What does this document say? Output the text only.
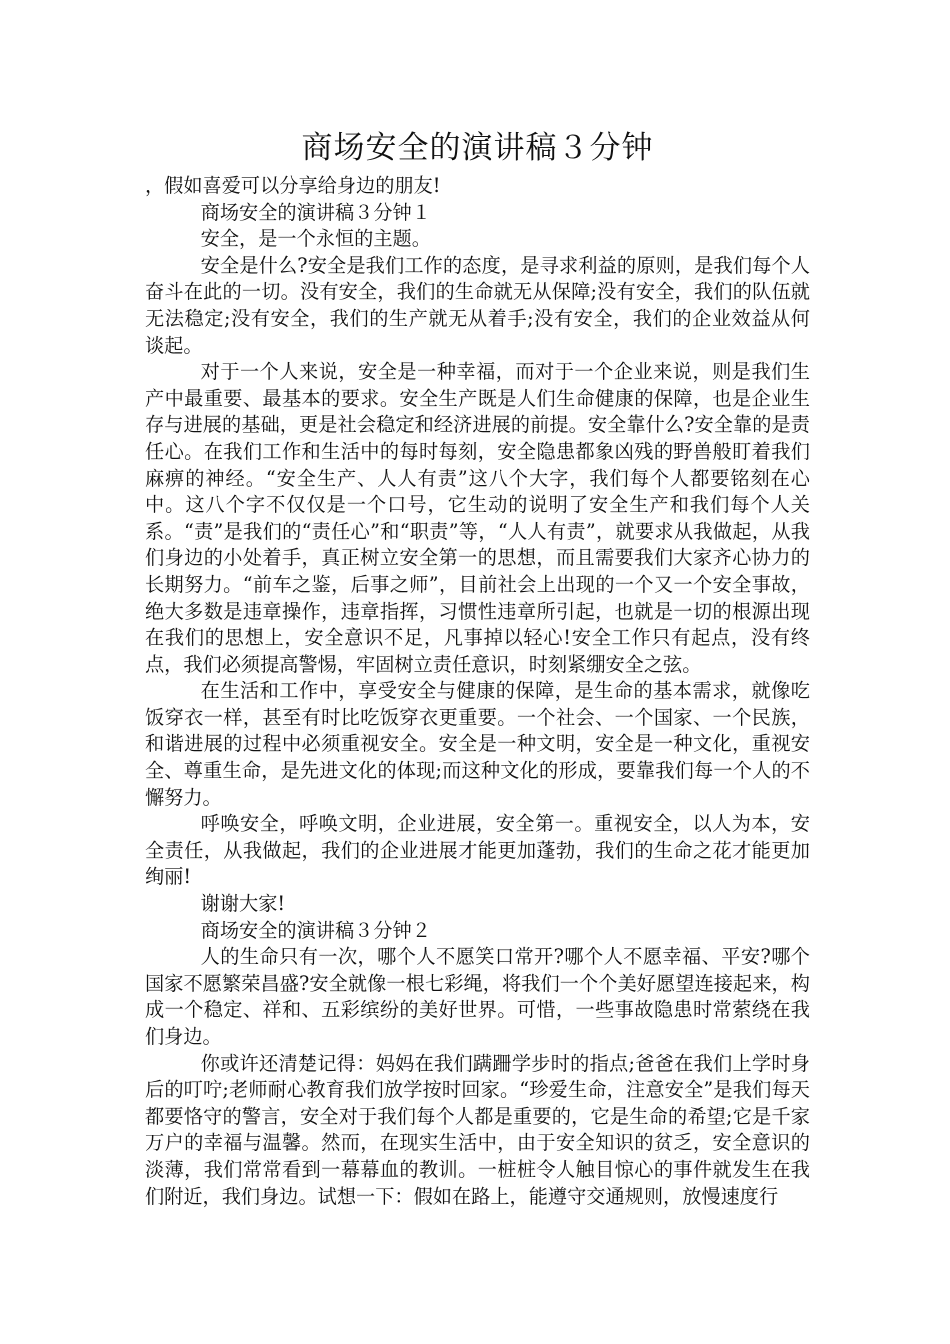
商场安全的演讲稿３分钟

，假如喜爱可以分享给身边的朋友!

商场安全的演讲稿３分钟１

安全，是一个永恒的主题。

安全是什么?安全是我们工作的态度，是寻求利益的原则，是我们每个人奋斗在此的一切。没有安全，我们的生命就无从保障;没有安全，我们的队伍就无法稳定;没有安全，我们的生产就无从着手;没有安全，我们的企业效益从何谈起。

对于一个人来说，安全是一种幸福，而对于一个企业来说，则是我们生产中最重要、最基本的要求。安全生产既是人们生命健康的保障，也是企业生存与进展的基础，更是社会稳定和经济进展的前提。安全靠什么?安全靠的是责任心。在我们工作和生活中的每时每刻，安全隐患都象凶残的野兽般盯着我们麻痹的神经。“安全生产、人人有责”这八个大字，我们每个人都要铭刻在心中。这八个字不仅仅是一个口号，它生动的说明了安全生产和我们每个人关系。“责”是我们的“责任心”和“职责”等，“人人有责”，就要求从我做起，从我们身边的小处着手，真正树立安全第一的思想，而且需要我们大家齐心协力的长期努力。“前车之鉴，后事之师”，目前社会上出现的一个又一个安全事故，绝大多数是违章操作，违章指挥，习惯性违章所引起，也就是一切的根源出现在我们的思想上，安全意识不足，凡事掉以轻心!安全工作只有起点，没有终点，我们必须提高警惕，牢固树立责任意识，时刻紧绷安全之弦。

在生活和工作中，享受安全与健康的保障，是生命的基本需求，就像吃饭穿衣一样，甚至有时比吃饭穿衣更重要。一个社会、一个国家、一个民族，和谐进展的过程中必须重视安全。安全是一种文明，安全是一种文化，重视安全、尊重生命，是先进文化的体现;而这种文化的形成，要靠我们每一个人的不懈努力。

呼唤安全，呼唤文明，企业进展，安全第一。重视安全，以人为本，安全责任，从我做起，我们的企业进展才能更加蓬勃，我们的生命之花才能更加绚丽!

谢谢大家!

商场安全的演讲稿３分钟２

人的生命只有一次，哪个人不愿笑口常开?哪个人不愿幸福、平安?哪个国家不愿繁荣昌盛?安全就像一根七彩绳，将我们一个个美好愿望连接起来，构成一个稳定、祥和、五彩缤纷的美好世界。可惜，一些事故隐患时常萦绕在我们身边。

你或许还清楚记得：妈妈在我们蹒跚学步时的指点;爸爸在我们上学时身后的叮咛;老师耐心教育我们放学按时回家。“珍爱生命，注意安全”是我们每天都要恪守的警言，安全对于我们每个人都是重要的，它是生命的希望;它是千家万户的幸福与温馨。然而，在现实生活中，由于安全知识的贫乏，安全意识的淡薄，我们常常看到一幕幕血的教训。一桩桩令人触目惊心的事件就发生在我们附近，我们身边。试想一下：假如在路上，能遵守交通规则，放慢速度行
